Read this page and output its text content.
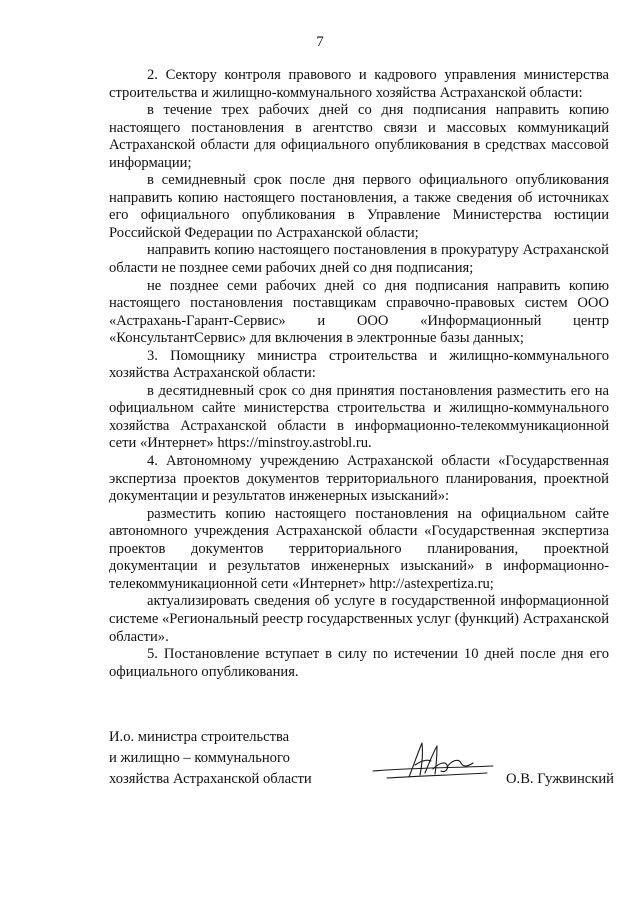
7

2. Сектору контроля правового и кадрового управления министерства строительства и жилищно-коммунального хозяйства Астраханской области:

в течение трех рабочих дней со дня подписания направить копию настоящего постановления в агентство связи и массовых коммуникаций Астраханской области для официального опубликования в средствах массовой информации;

в семидневный срок после дня первого официального опубликования направить копию настоящего постановления, а также сведения об источниках его официального опубликования в Управление Министерства юстиции Российской Федерации по Астраханской области;

направить копию настоящего постановления в прокуратуру Астраханской области не позднее семи рабочих дней со дня подписания;

не позднее семи рабочих дней со дня подписания направить копию настоящего постановления поставщикам справочно-правовых систем ООО «Астрахань-Гарант-Сервис» и ООО «Информационный центр «КонсультантСервис» для включения в электронные базы данных;

3. Помощнику министра строительства и жилищно-коммунального хозяйства Астраханской области:

в десятидневный срок со дня принятия постановления разместить его на официальном сайте министерства строительства и жилищно-коммунального хозяйства Астраханской области в информационно-телекоммуникационной сети «Интернет» https://minstroy.astrobl.ru.

4. Автономному учреждению Астраханской области «Государственная экспертиза проектов документов территориального планирования, проектной документации и результатов инженерных изысканий»:

разместить копию настоящего постановления на официальном сайте автономного учреждения Астраханской области «Государственная экспертиза проектов документов территориального планирования, проектной документации и результатов инженерных изысканий» в информационно-телекоммуникационной сети «Интернет» http://astexpertiza.ru;

актуализировать сведения об услуге в государственной информационной системе «Региональный реестр государственных услуг (функций) Астраханской области».

5. Постановление вступает в силу по истечении 10 дней после дня его официального опубликования.

И.о. министра строительства
и жилищно – коммунального
хозяйства Астраханской области	О.В. Гужвинский
